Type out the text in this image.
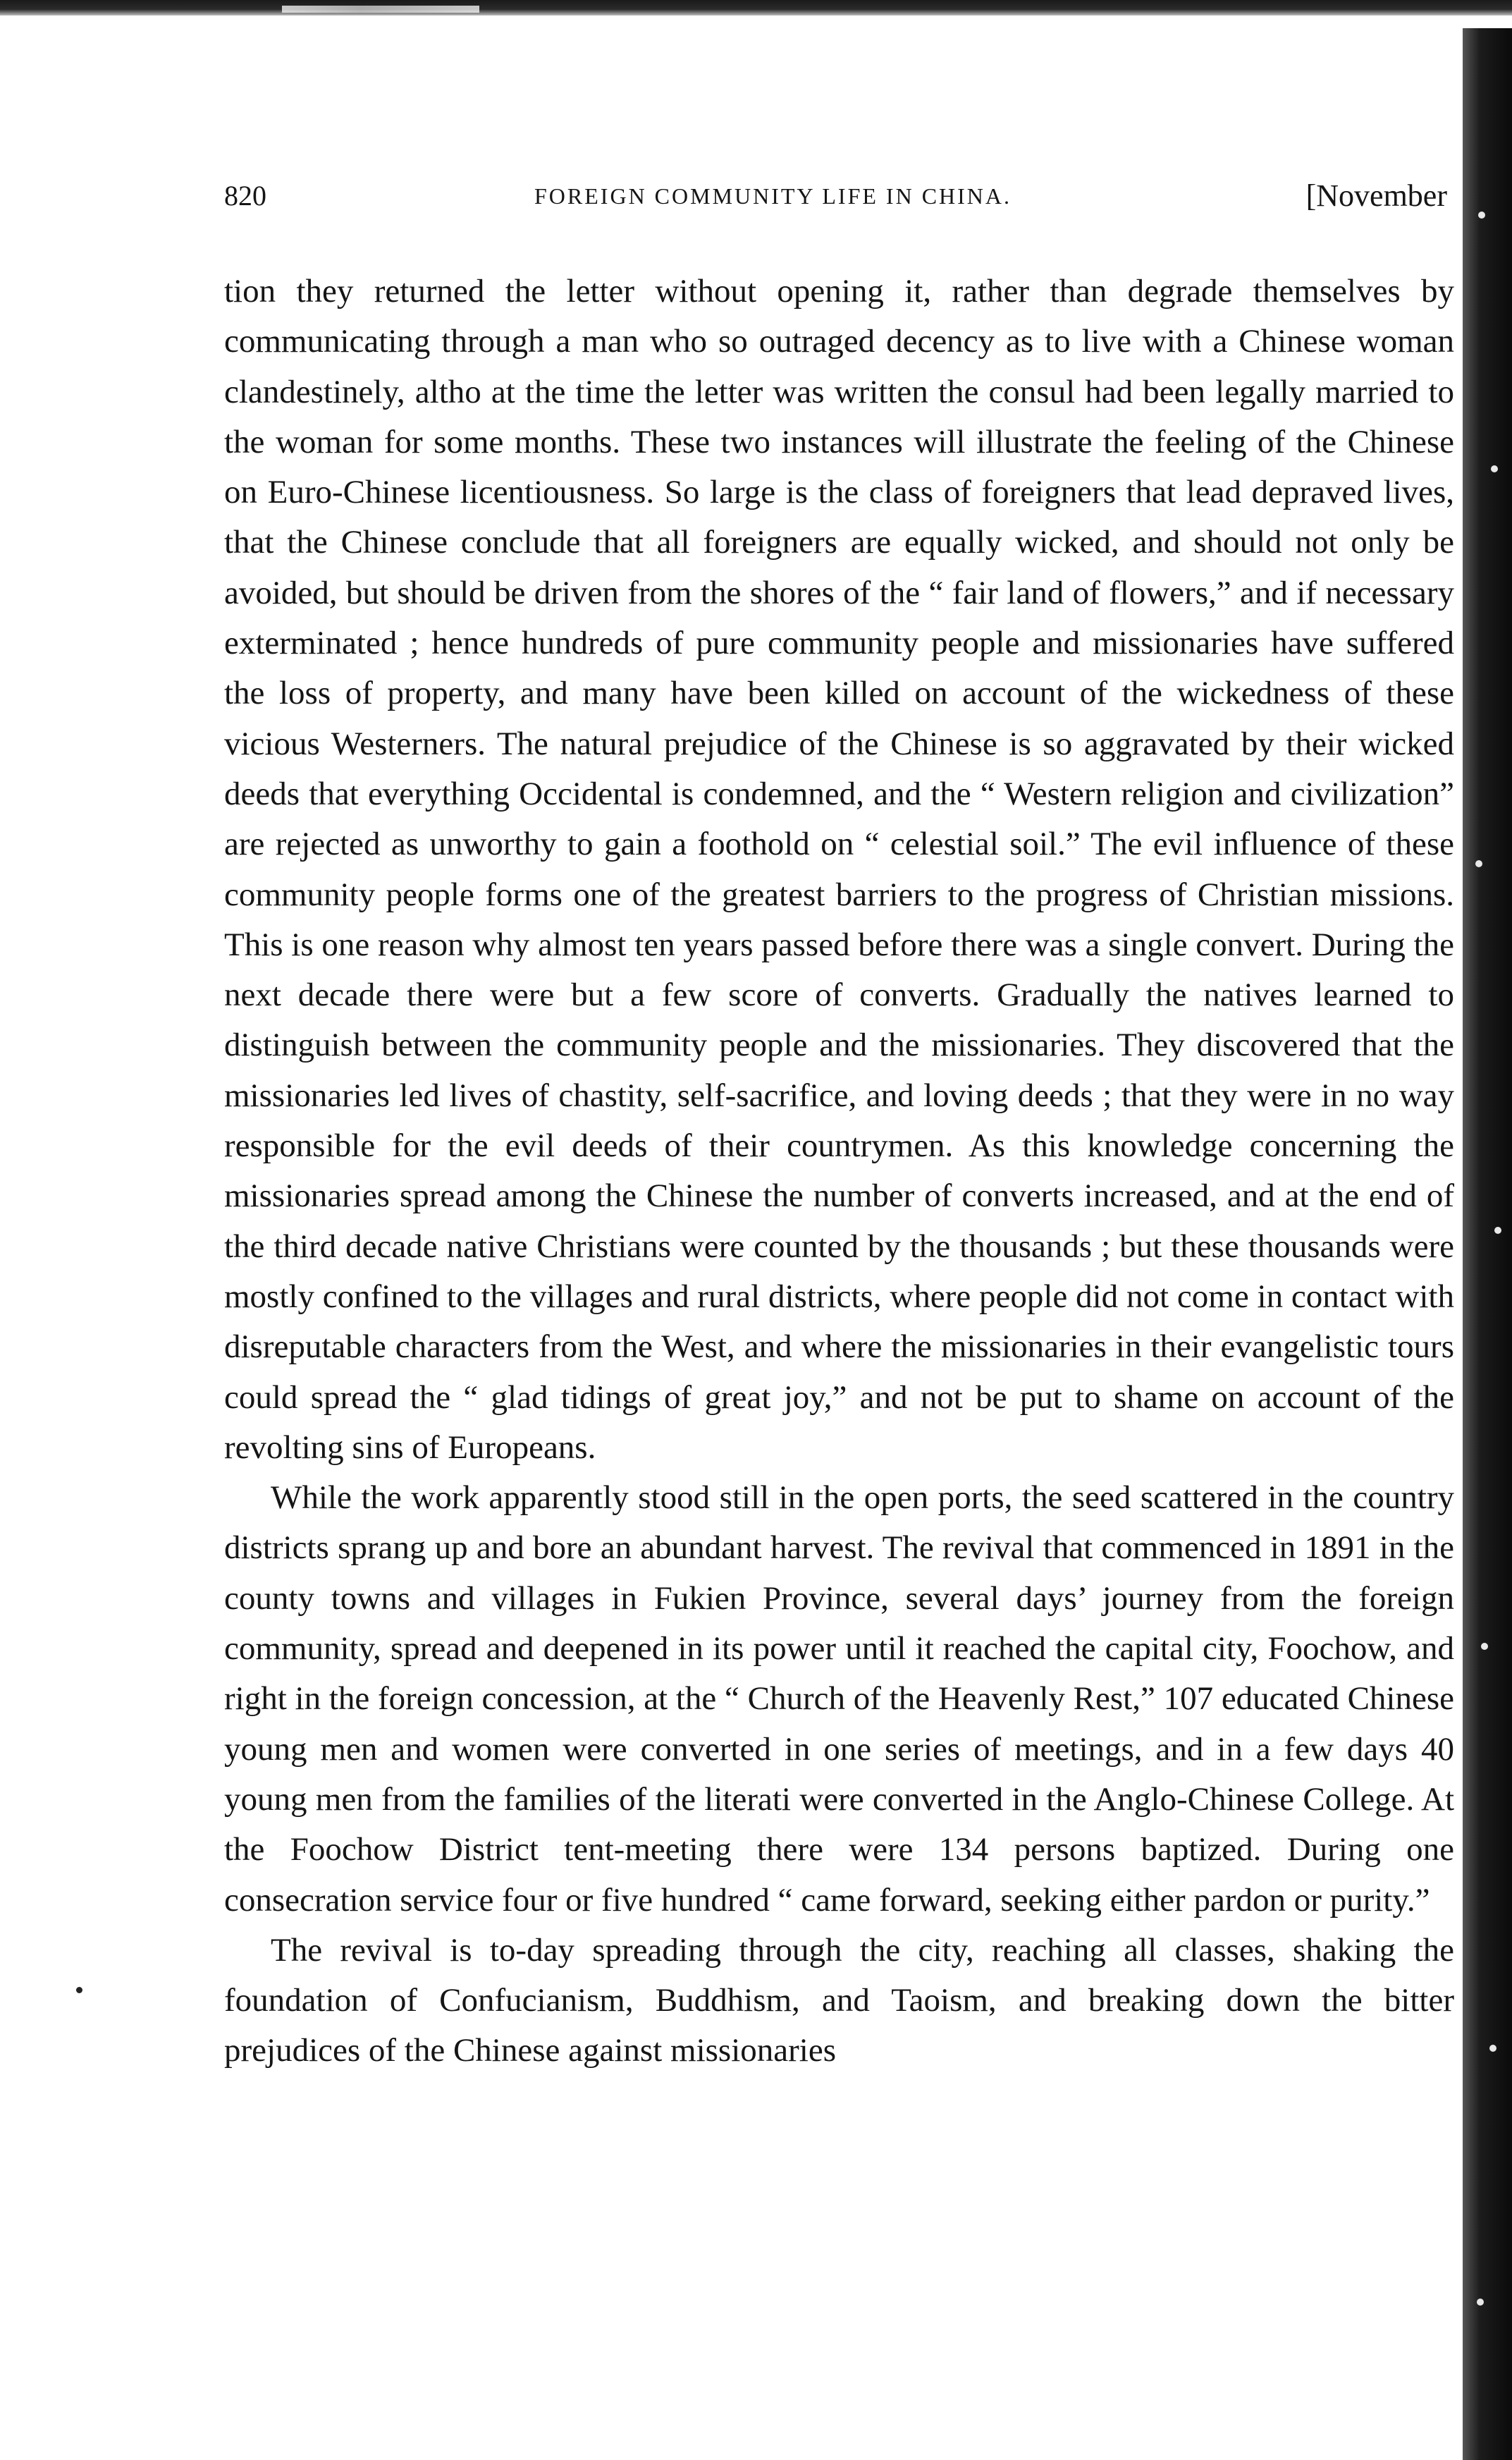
820	FOREIGN COMMUNITY LIFE IN CHINA.	[November

tion they returned the letter without opening it, rather than degrade themselves by communicating through a man who so outraged decency as to live with a Chinese woman clandestinely, altho at the time the letter was written the consul had been legally married to the woman for some months. These two instances will illustrate the feeling of the Chinese on Euro-Chinese licentiousness. So large is the class of foreigners that lead depraved lives, that the Chinese conclude that all foreigners are equally wicked, and should not only be avoided, but should be driven from the shores of the “ fair land of flowers,” and if necessary exterminated ; hence hundreds of pure community people and missionaries have suffered the loss of property, and many have been killed on account of the wickedness of these vicious Westerners. The natural prejudice of the Chinese is so aggravated by their wicked deeds that everything Occidental is condemned, and the “ Western religion and civilization” are rejected as unworthy to gain a foothold on “ celestial soil.” The evil influence of these community people forms one of the greatest barriers to the progress of Christian missions. This is one reason why almost ten years passed before there was a single convert. During the next decade there were but a few score of converts. Gradually the natives learned to distinguish between the community people and the missionaries. They discovered that the missionaries led lives of chastity, self-sacrifice, and loving deeds ; that they were in no way responsible for the evil deeds of their countrymen. As this knowledge concerning the missionaries spread among the Chinese the number of converts increased, and at the end of the third decade native Christians were counted by the thousands ; but these thousands were mostly confined to the villages and rural districts, where people did not come in contact with disreputable characters from the West, and where the missionaries in their evangelistic tours could spread the “ glad tidings of great joy,” and not be put to shame on account of the revolting sins of Europeans.

While the work apparently stood still in the open ports, the seed scattered in the country districts sprang up and bore an abundant harvest. The revival that commenced in 1891 in the county towns and villages in Fukien Province, several days’ journey from the foreign community, spread and deepened in its power until it reached the capital city, Foochow, and right in the foreign concession, at the “ Church of the Heavenly Rest,” 107 educated Chinese young men and women were converted in one series of meetings, and in a few days 40 young men from the families of the literati were converted in the Anglo-Chinese College. At the Foochow District tent-meeting there were 134 persons baptized. During one consecration service four or five hundred “ came forward, seeking either pardon or purity.”

The revival is to-day spreading through the city, reaching all classes, shaking the foundation of Confucianism, Buddhism, and Taoism, and breaking down the bitter prejudices of the Chinese against missionaries
